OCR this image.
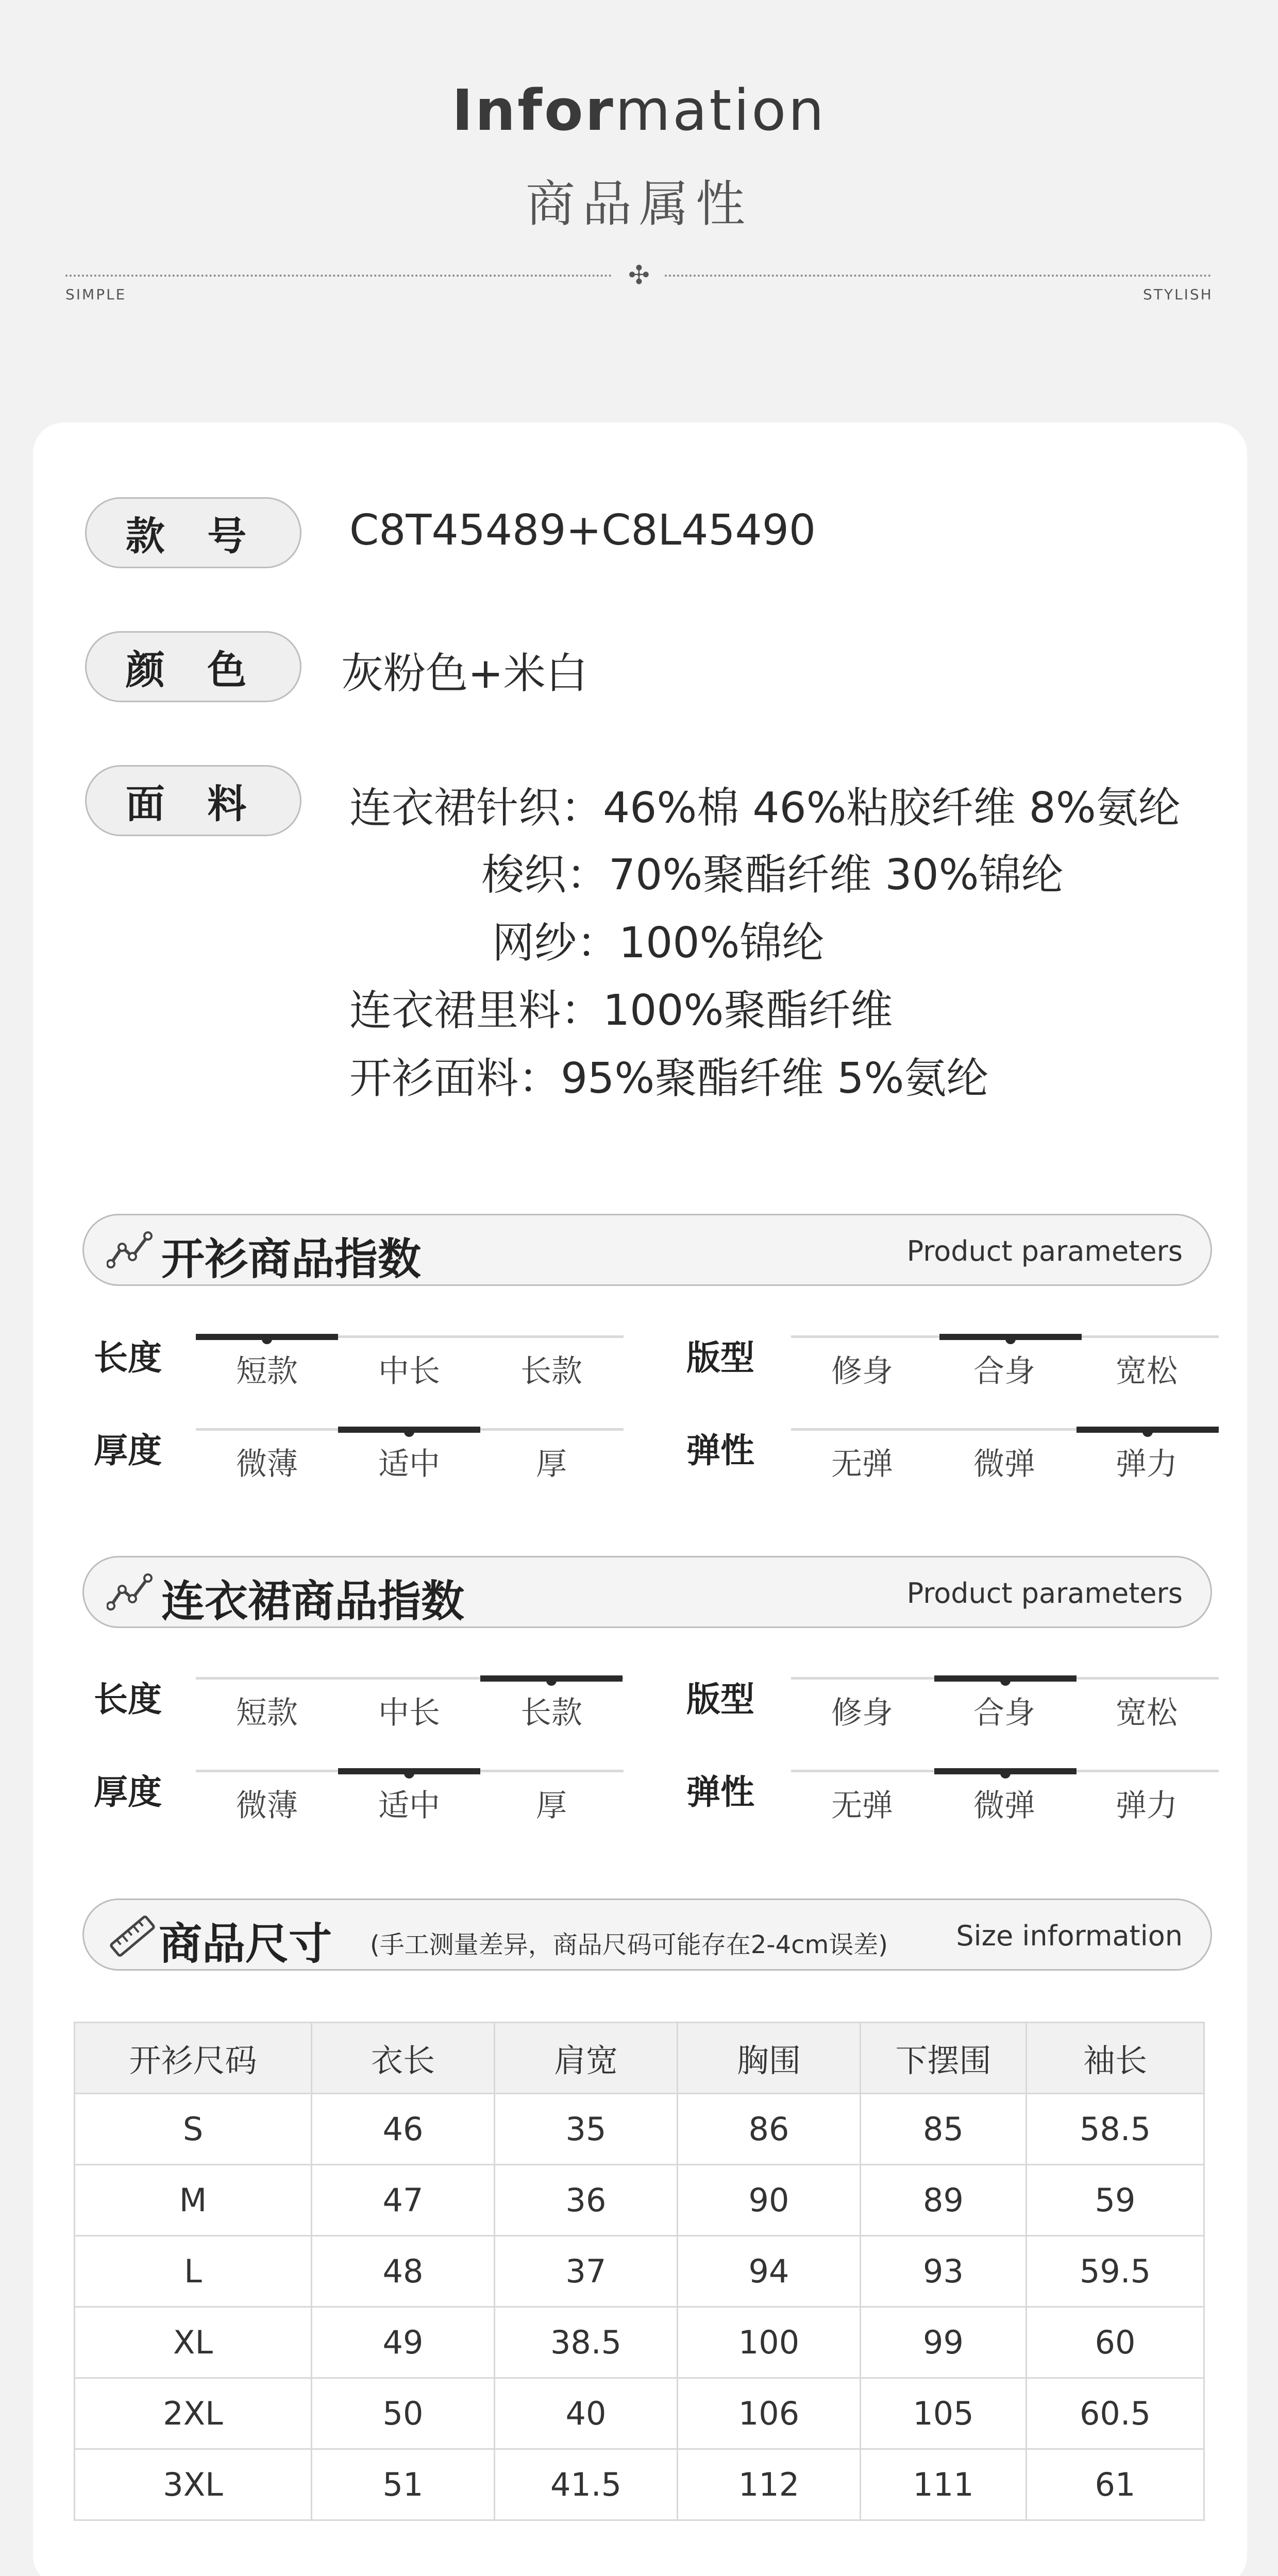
Information
商品属性
✣
SIMPLE	STYLISH
款 号	C8T45489+C8L45490
颜 色	灰粉色+米白
面 料	连衣裙针织：46%棉 46%粘胶纤维 8%氨纶
梭织：70%聚酯纤维 30%锦纶
网纱：100%锦纶
连衣裙里料：100%聚酯纤维
开衫面料：95%聚酯纤维 5%氨纶
开衫商品指数	Product parameters
长度	短款	中长	长款	版型	修身	合身	宽松
厚度	微薄	适中	厚	弹性	无弹	微弹	弹力
连衣裙商品指数	Product parameters
长度	短款	中长	长款	版型	修身	合身	宽松
厚度	微薄	适中	厚	弹性	无弹	微弹	弹力
商品尺寸 (手工测量差异，商品尺码可能存在2-4cm误差) Size information
开衫尺码	衣长	肩宽	胸围	下摆围	袖长
S	46	35	86	85	58.5
M	47	36	90	89	59
L	48	37	94	93	59.5
XL	49	38.5	100	99	60
2XL	50	40	106	105	60.5
3XL	51	41.5	112	111	61
